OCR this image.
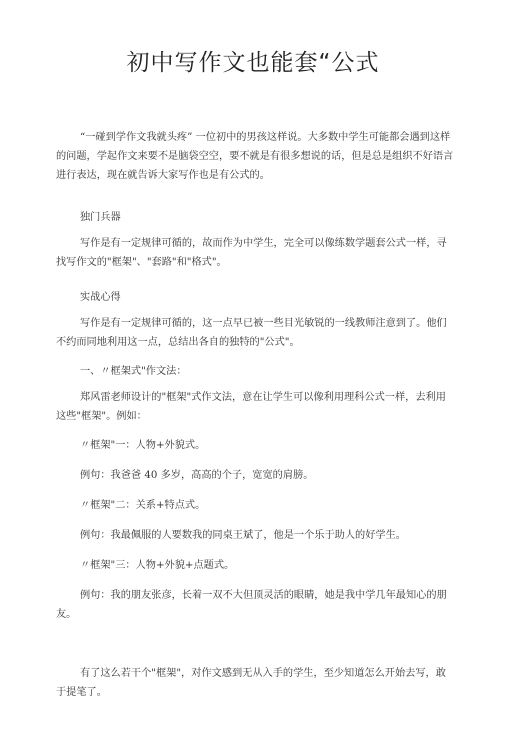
初中写作文也能套“公式

“一碰到学作文我就头疼” 一位初中的男孩这样说。大多数中学生可能都会遇到这样的问题，学起作文来要不是脑袋空空，要不就是有很多想说的话，但是总是组织不好语言进行表达，现在就告诉大家写作也是有公式的。

独门兵器

写作是有一定规律可循的，故而作为中学生，完全可以像练数学题套公式一样，寻找写作文的"框架"、"套路"和"格式"。

实战心得

写作是有一定规律可循的，这一点早已被一些目光敏锐的一线教师注意到了。他们不约而同地利用这一点，总结出各自的独特的"公式"。

一、〃框架式"作文法：

郑风雷老师设计的"框架"式作文法，意在让学生可以像利用理科公式一样，去利用这些"框架"。例如：

〃框架"一：人物+外貌式。

例句：我爸爸 40 多岁，高高的个子，宽宽的肩膀。

〃框架"二：关系+特点式。

例句：我最佩服的人要数我的同桌王斌了，他是一个乐于助人的好学生。

〃框架"三：人物+外貌+点题式。

例句：我的朋友张彦，长着一双不大但顶灵活的眼睛，她是我中学几年最知心的朋友。

有了这么若干个"框架"，对作文感到无从入手的学生，至少知道怎么开始去写，敢于提笔了。
